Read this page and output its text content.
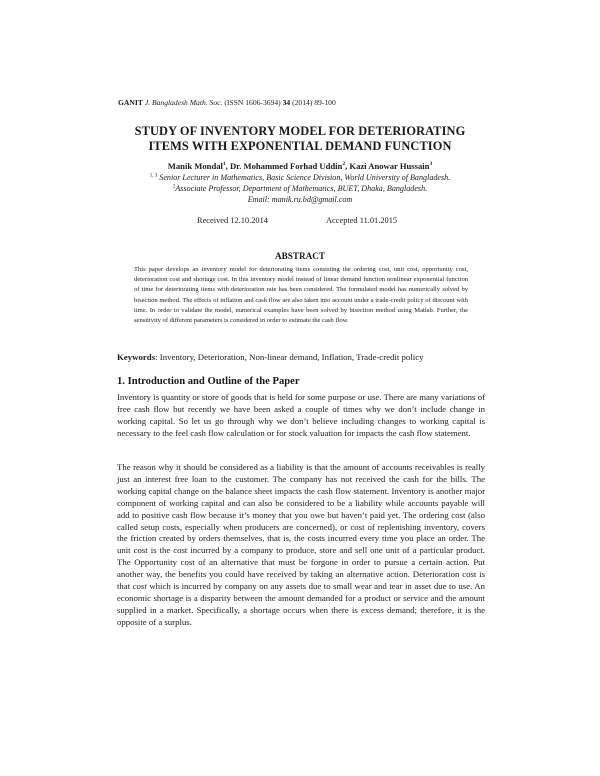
GANIT J. Bangladesh Math. Soc. (ISSN 1606-3694) 34 (2014) 89-100
STUDY OF INVENTORY MODEL FOR DETERIORATING
ITEMS WITH EXPONENTIAL DEMAND FUNCTION
Manik Mondal$^1$, Dr. Mohammed Forhad Uddin$^2$, Kazi Anowar Hussain$^3$
$^{1, 3}$ Senior Lecturer in Mathematics, Basic Science Division, World University of Bangladesh.
$^2$Associate Professor, Department of Mathematics, BUET, Dhaka, Bangladesh.
Email: manik.ru.bd@gmail.com
Received 12.10.2014	Accepted 11.01.2015
ABSTRACT
This paper develops an inventory model for deteriorating items consisting the ordering cost, unit cost, opportunity cost, deterioration cost and shortage cost. In this inventory model instead of linear demand function nonlinear exponential function of time for deteriorating items with deterioration rate has been considered. The formulated model has numerically solved by bisection method. The effects of inflation and cash flow are also taken into account under a trade-credit policy of discount with time. In order to validate the model, numerical examples have been solved by bisection method using Matlab. Further, the sensitivity of different parameters is considered in order to estimate the cash flow.
Keywords: Inventory, Deterioration, Non-linear demand, Inflation, Trade-credit policy
1. Introduction and Outline of the Paper
Inventory is quantity or store of goods that is held for some purpose or use. There are many variations of free cash flow but recently we have been asked a couple of times why we don’t include change in working capital. So let us go through why we don’t believe including changes to working capital is necessary to the feel cash flow calculation or for stock valuation for impacts the cash flow statement.
The reason why it should be considered as a liability is that the amount of accounts receivables is really just an interest free loan to the customer. The company has not received the cash for the bills. The working capital change on the balance sheet impacts the cash flow statement. Inventory is another major component of working capital and can also be considered to be a liability while accounts payable will add to positive cash flow because it’s money that you owe but haven’t paid yet. The ordering cost (also called setup costs, especially when producers are concerned), or cost of replenishing inventory, covers the friction created by orders themselves, that is, the costs incurred every time you place an order. The unit cost is the cost incurred by a company to produce, store and sell one unit of a particular product. The Opportunity cost of an alternative that must be forgone in order to pursue a certain action. Put another way, the benefits you could have received by taking an alternative action. Deterioration cost is that cost which is incurred by company on any assets due to small wear and tear in asset due to use. An economic shortage is a disparity between the amount demanded for a product or service and the amount supplied in a market. Specifically, a shortage occurs when there is excess demand; therefore, it is the opposite of a surplus.
